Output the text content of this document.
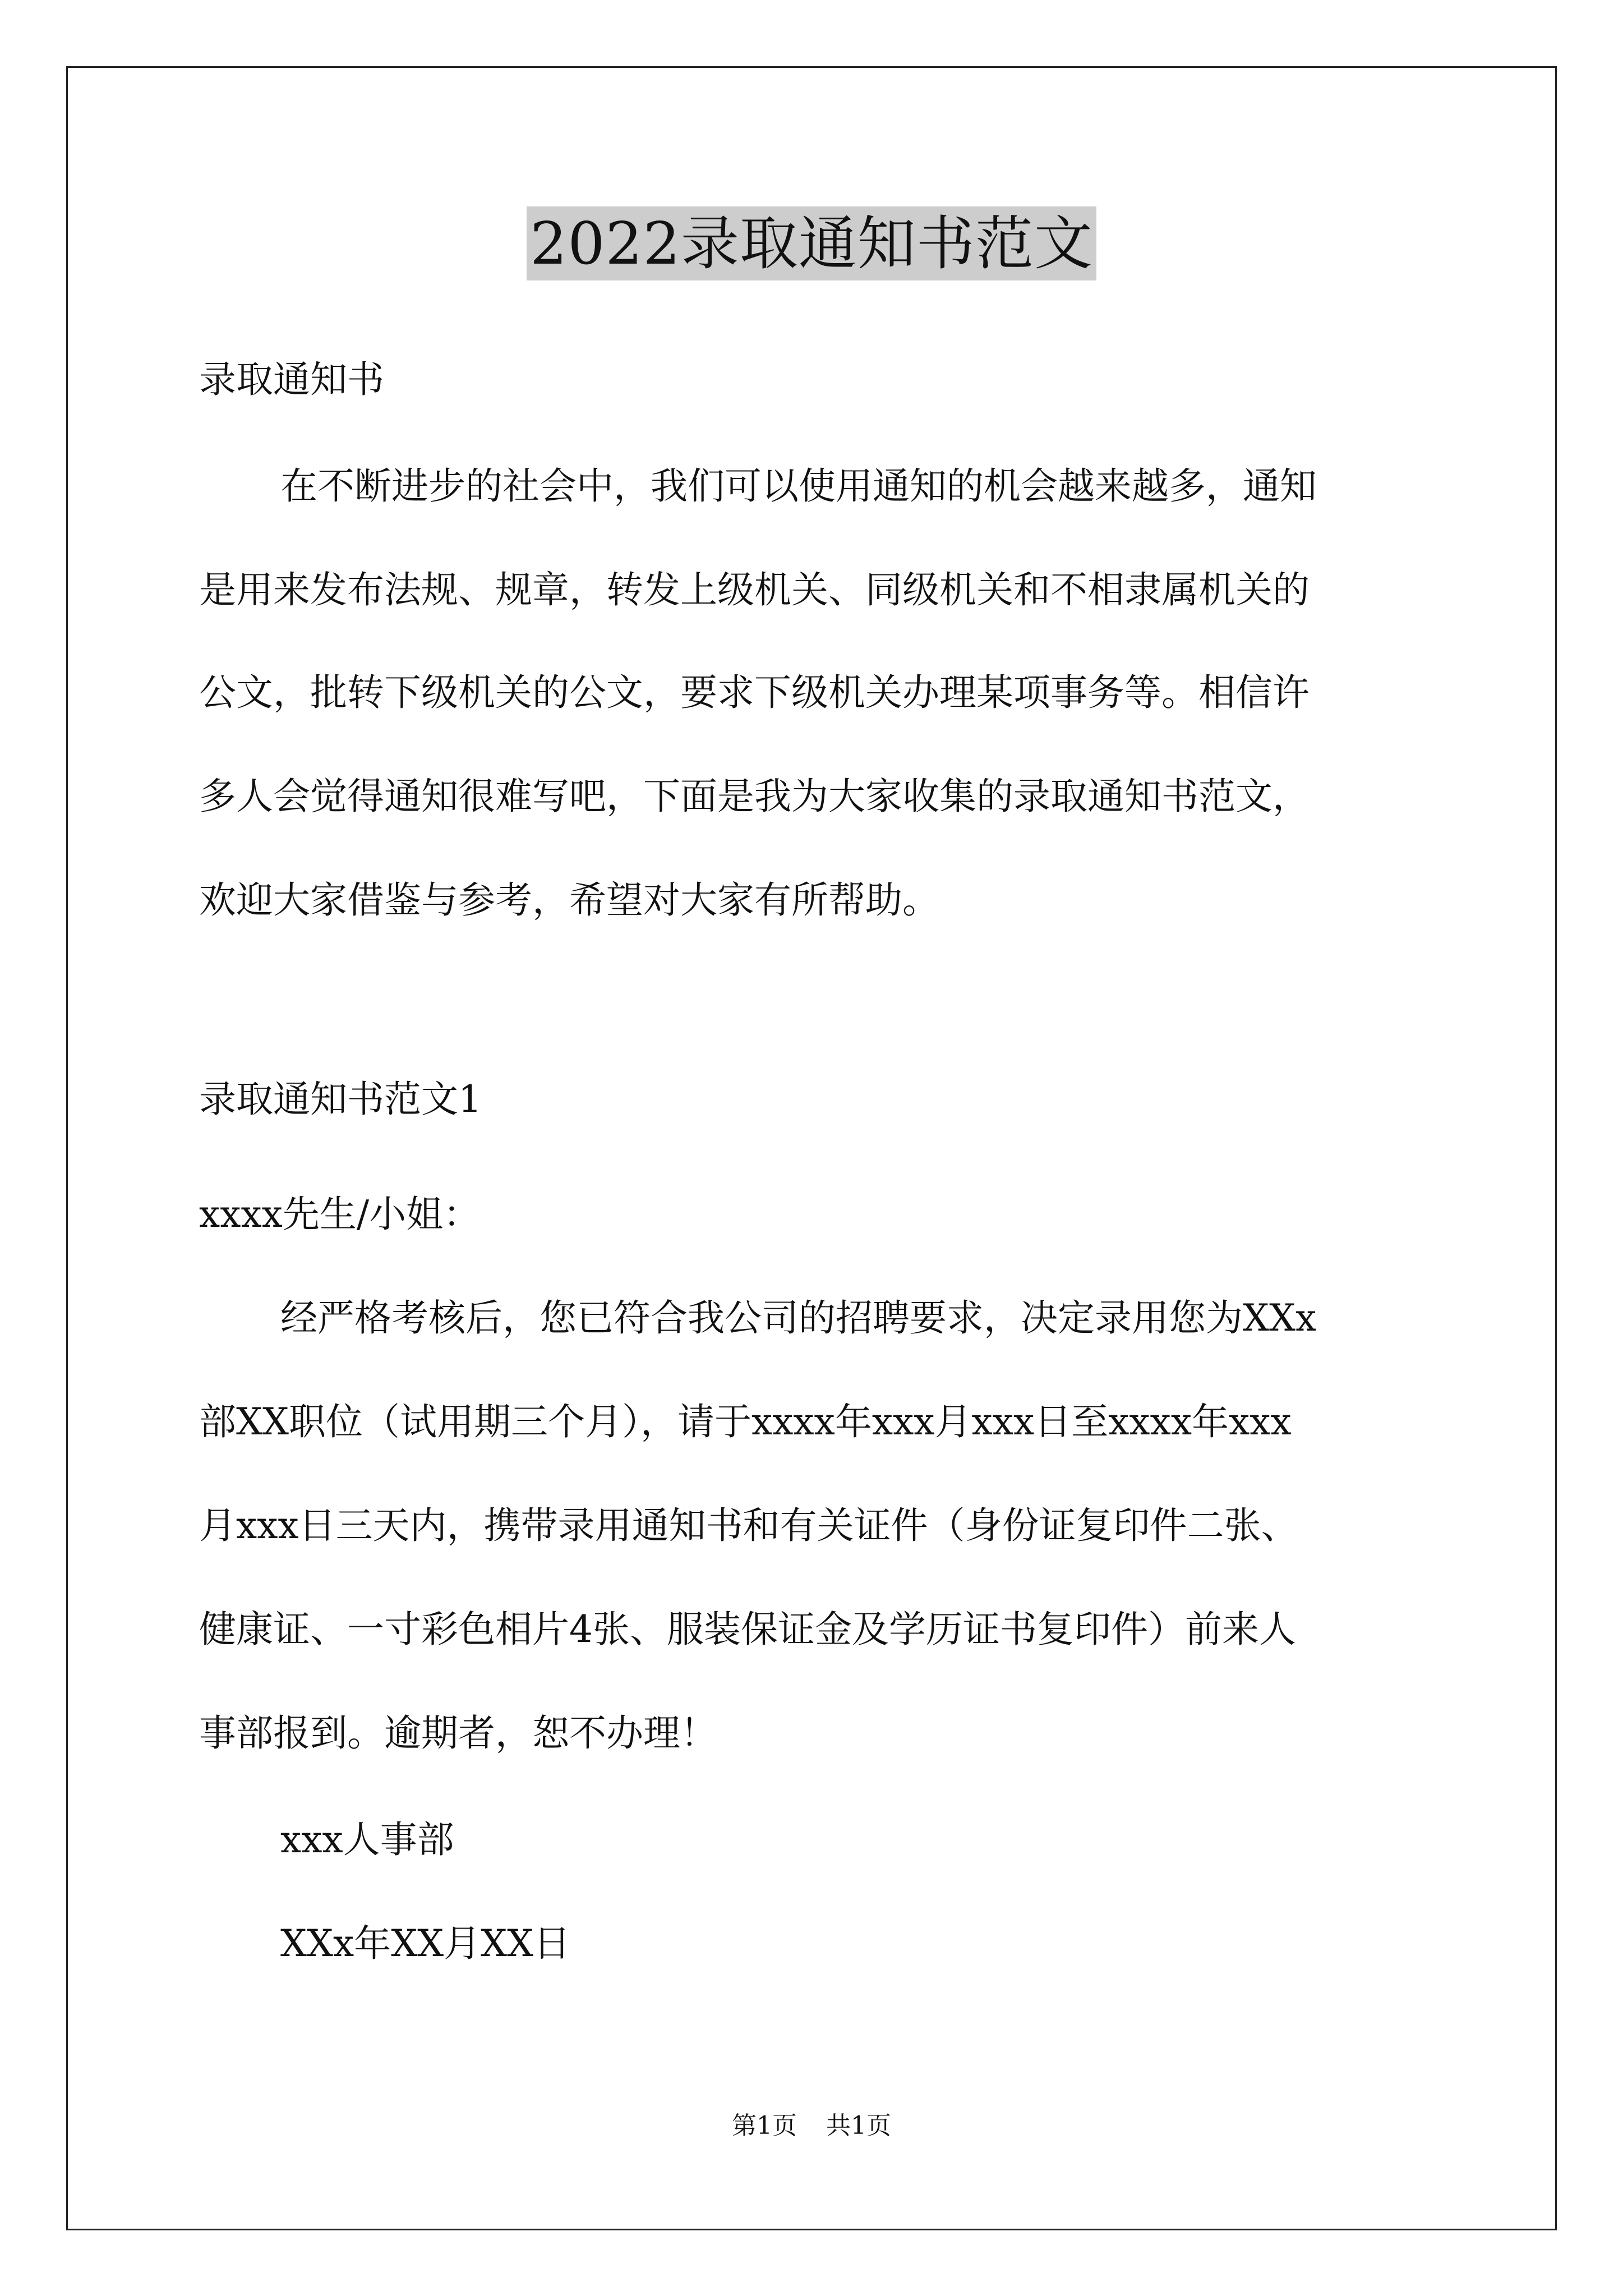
2022录取通知书范文
录取通知书
在不断进步的社会中，我们可以使用通知的机会越来越多，通知
是用来发布法规、规章，转发上级机关、同级机关和不相隶属机关的
公文，批转下级机关的公文，要求下级机关办理某项事务等。相信许
多人会觉得通知很难写吧，下面是我为大家收集的录取通知书范文，
欢迎大家借鉴与参考，希望对大家有所帮助。
录取通知书范文1
xxxx先生/小姐：
经严格考核后，您已符合我公司的招聘要求，决定录用您为XXx
部XX职位（试用期三个月），请于xxxx年xxx月xxx日至xxxx年xxx
月xxx日三天内，携带录用通知书和有关证件（身份证复印件二张、
健康证、一寸彩色相片4张、服装保证金及学历证书复印件）前来人
事部报到。逾期者，恕不办理！
xxx人事部
XXx年XX月XX日
第1页 共1页
